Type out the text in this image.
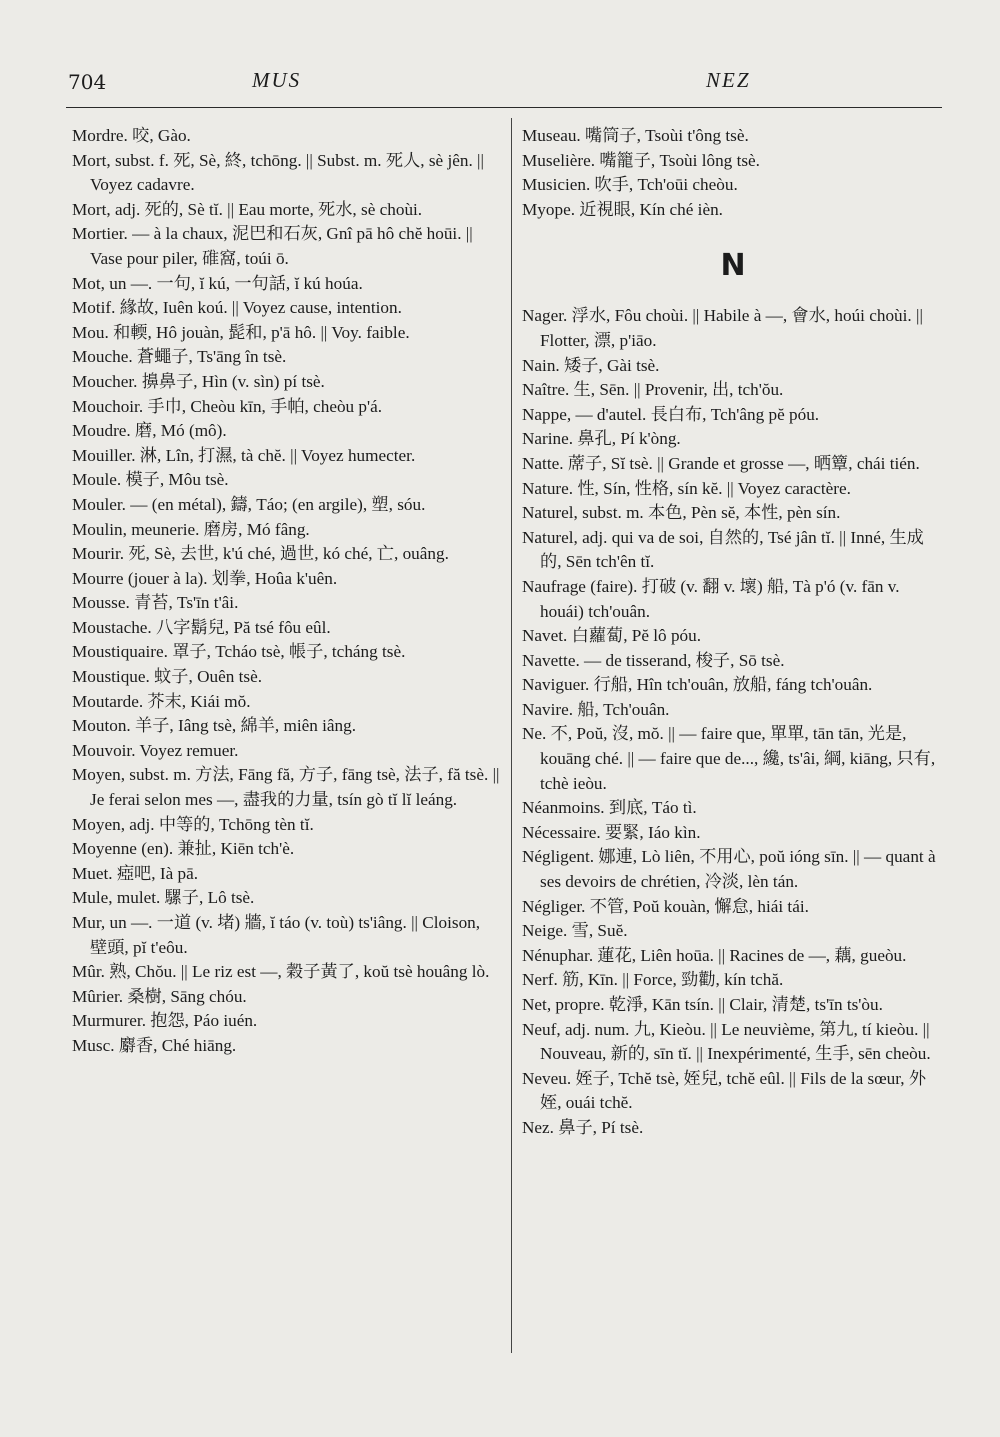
704	MUS	NEZ
Mordre. 咬, Gào.
Mort, subst. f. 死, Sè, 終, tchōng. || Subst. m. 死人, sè jên. || Voyez cadavre.
Mort, adj. 死的, Sè tĭ. || Eau morte, 死水, sè choùi.
Mortier. — à la chaux, 泥巴和石灰, Gnî pā hô chĕ hoūi. || Vase pour piler, 碓窩, toúi ō.
Mot, un —. 一句, ĭ kú, 一句話, ĭ kú hoúa.
Motif. 緣故, Iuên koú. || Voyez cause, intention.
Mou. 和輭, Hô jouàn, 髭和, p'ā hô. || Voy. faible.
Mouche. 蒼蠅子, Ts'āng în tsè.
Moucher. 擤鼻子, Hìn (v. sìn) pí tsè.
Mouchoir. 手巾, Cheòu kīn, 手帕, cheòu p'á.
Moudre. 磨, Mó (mô).
Mouiller. 淋, Lîn, 打濕, tà chĕ. || Voyez humecter.
Moule. 模子, Môu tsè.
Mouler. — (en métal), 鑄, Táo; (en argile), 塑, sóu.
Moulin, meunerie. 磨房, Mó fâng.
Mourir. 死, Sè, 去世, k'ú ché, 過世, kó ché, 亡, ouâng.
Mourre (jouer à la). 划拳, Hoûa k'uên.
Mousse. 青苔, Ts'īn t'âi.
Moustache. 八字鬍兒, Pă tsé fôu eûl.
Moustiquaire. 罩子, Tcháo tsè, 帳子, tcháng tsè.
Moustique. 蚊子, Ouên tsè.
Moutarde. 芥末, Kiái mŏ.
Mouton. 羊子, Iâng tsè, 綿羊, miên iâng.
Mouvoir. Voyez remuer.
Moyen, subst. m. 方法, Fāng fă, 方子, fāng tsè, 法子, fă tsè. || Je ferai selon mes —, 盡我的力量, tsín gò tĭ lĭ leáng.
Moyen, adj. 中等的, Tchōng tèn tĭ.
Moyenne (en). 兼扯, Kiēn tch'è.
Muet. 瘂吧, Ià pā.
Mule, mulet. 騾子, Lô tsè.
Mur, un —. 一道 (v. 堵) 牆, ĭ táo (v. toù) ts'iâng. || Cloison, 壁頭, pĭ t'eôu.
Mûr. 熟, Chŏu. || Le riz est —, 穀子黃了, koŭ tsè houâng lò.
Mûrier. 桑樹, Sāng chóu.
Murmurer. 抱怨, Páo iuén.
Musc. 麝香, Ché hiāng.
Museau. 嘴筒子, Tsoùi t'ông tsè.
Muselière. 嘴籠子, Tsoùi lông tsè.
Musicien. 吹手, Tch'oūi cheòu.
Myope. 近視眼, Kín ché ièn.
N
Nager. 浮水, Fôu choùi. || Habile à —, 會水, hoúi choùi. || Flotter, 漂, p'iāo.
Nain. 矮子, Gài tsè.
Naître. 生, Sēn. || Provenir, 出, tch'ŏu.
Nappe, — d'autel. 長白布, Tch'âng pĕ póu.
Narine. 鼻孔, Pí k'òng.
Natte. 蓆子, Sĭ tsè. || Grande et grosse —, 晒簟, chái tién.
Nature. 性, Sín, 性格, sín kĕ. || Voyez caractère.
Naturel, subst. m. 本色, Pèn sĕ, 本性, pèn sín.
Naturel, adj. qui va de soi, 自然的, Tsé jân tĭ. || Inné, 生成的, Sēn tch'ên tĭ.
Naufrage (faire). 打破 (v. 翻 v. 壞) 船, Tà p'ó (v. fān v. houái) tch'ouân.
Navet. 白蘿蔔, Pĕ lô póu.
Navette. — de tisserand, 梭子, Sō tsè.
Naviguer. 行船, Hîn tch'ouân, 放船, fáng tch'ouân.
Navire. 船, Tch'ouân.
Ne. 不, Poŭ, 沒, mŏ. || — faire que, 單單, tān tān, 光是, kouāng ché. || — faire que de..., 纔, ts'âi, 綱, kiāng, 只有, tchè ieòu.
Néanmoins. 到底, Táo tì.
Nécessaire. 要緊, Iáo kìn.
Négligent. 娜連, Lò liên, 不用心, poŭ ióng sīn. || — quant à ses devoirs de chrétien, 冷淡, lèn tán.
Négliger. 不管, Poŭ kouàn, 懈怠, hiái tái.
Neige. 雪, Suĕ.
Nénuphar. 蓮花, Liên hoūa. || Racines de —, 藕, gueòu.
Nerf. 筋, Kīn. || Force, 勁勸, kín tchă.
Net, propre. 乾淨, Kān tsín. || Clair, 清楚, ts'īn ts'òu.
Neuf, adj. num. 九, Kieòu. || Le neuvième, 第九, tí kieòu. || Nouveau, 新的, sīn tĭ. || Inexpérimenté, 生手, sēn cheòu.
Neveu. 姪子, Tchĕ tsè, 姪兒, tchĕ eûl. || Fils de la sœur, 外姪, ouái tchĕ.
Nez. 鼻子, Pí tsè.
